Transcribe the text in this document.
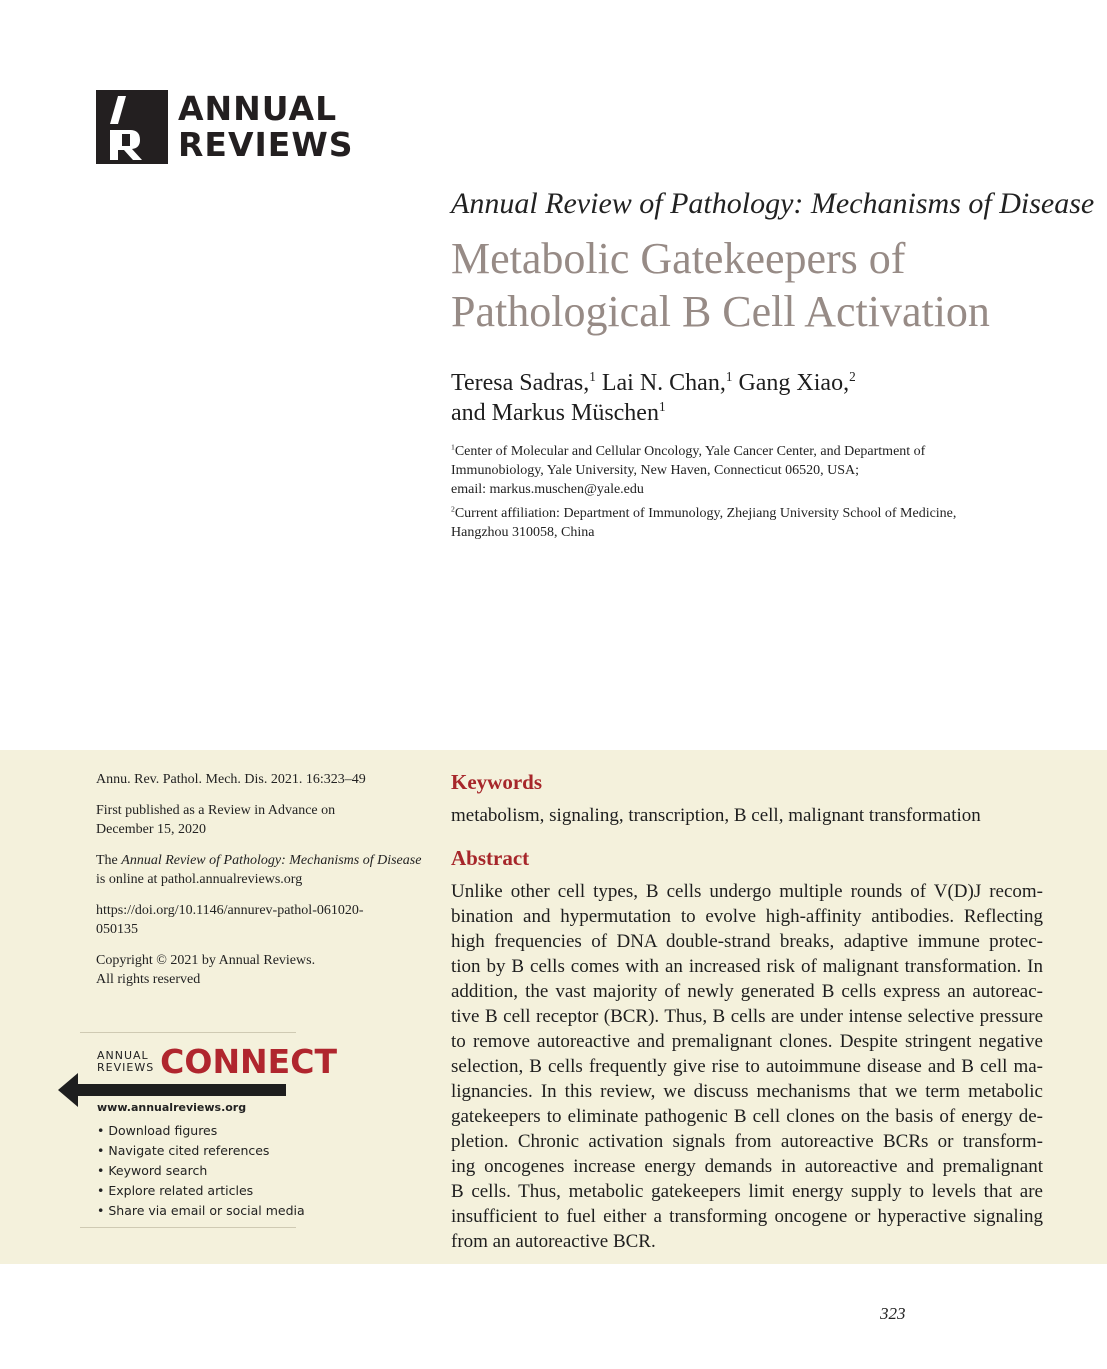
ANNUAL
REVIEWS
Annual Review of Pathology: Mechanisms of Disease
Metabolic Gatekeepers of
Pathological B Cell Activation
Teresa Sadras,$^1$ Lai N. Chan,$^1$ Gang Xiao,$^2$
and Markus Müschen$^1$
$^1$Center of Molecular and Cellular Oncology, Yale Cancer Center, and Department of
Immunobiology, Yale University, New Haven, Connecticut 06520, USA;
email: markus.muschen@yale.edu
$^2$Current affiliation: Department of Immunology, Zhejiang University School of Medicine,
Hangzhou 310058, China

Annu. Rev. Pathol. Mech. Dis. 2021. 16:323–49

First published as a Review in Advance on
December 15, 2020

The Annual Review of Pathology: Mechanisms of Disease
is online at pathol.annualreviews.org

https://doi.org/10.1146/annurev-pathol-061020-
050135

Copyright © 2021 by Annual Reviews.
All rights reserved

ANNUAL
REVIEWS CONNECT
www.annualreviews.org
• Download figures
• Navigate cited references
• Keyword search
• Explore related articles
• Share via email or social media
Keywords
metabolism, signaling, transcription, B cell, malignant transformation
Abstract

Unlike other cell types, B cells undergo multiple rounds of V(D)J recom-

bination and hypermutation to evolve high-affinity antibodies. Reflecting

high frequencies of DNA double-strand breaks, adaptive immune protec-

tion by B cells comes with an increased risk of malignant transformation. In

addition, the vast majority of newly generated B cells express an autoreac-

tive B cell receptor (BCR). Thus, B cells are under intense selective pressure

to remove autoreactive and premalignant clones. Despite stringent negative

selection, B cells frequently give rise to autoimmune disease and B cell ma-

lignancies. In this review, we discuss mechanisms that we term metabolic

gatekeepers to eliminate pathogenic B cell clones on the basis of energy de-

pletion. Chronic activation signals from autoreactive BCRs or transform-

ing oncogenes increase energy demands in autoreactive and premalignant

B cells. Thus, metabolic gatekeepers limit energy supply to levels that are

insufficient to fuel either a transforming oncogene or hyperactive signaling

from an autoreactive BCR.

323
